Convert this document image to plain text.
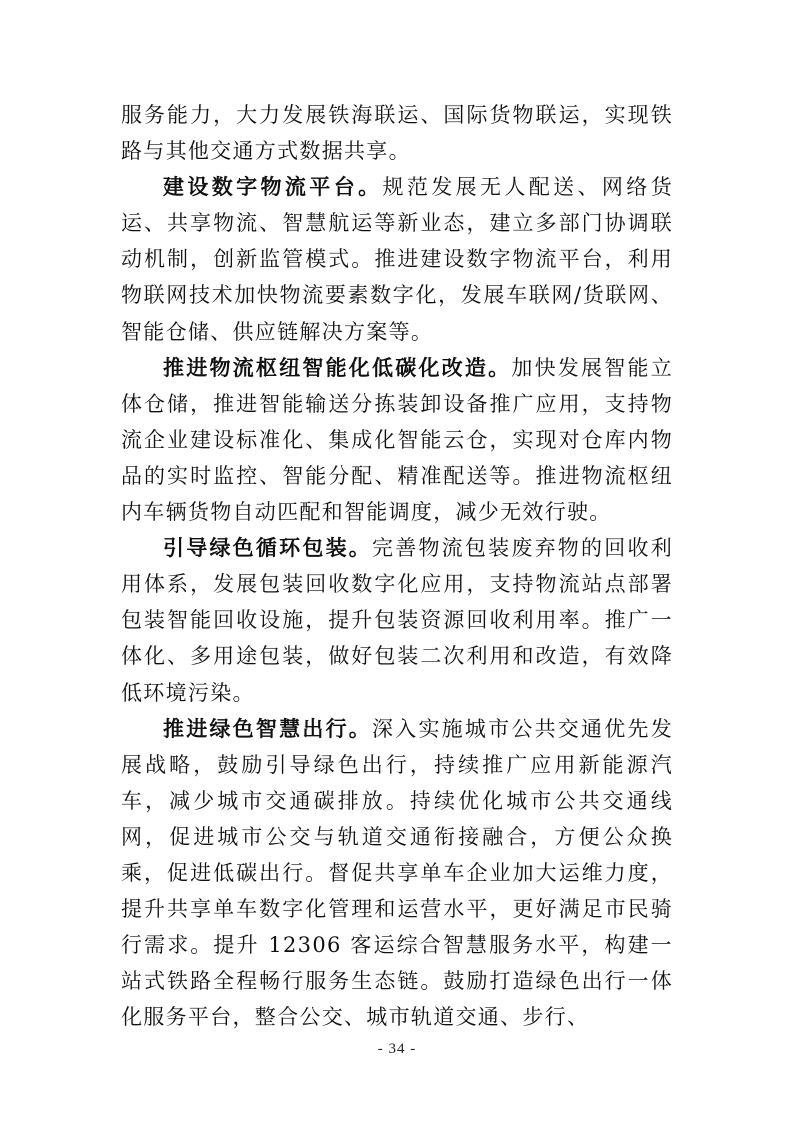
服务能力，大力发展铁海联运、国际货物联运，实现铁路与其他交通方式数据共享。

建设数字物流平台。规范发展无人配送、网络货运、共享物流、智慧航运等新业态，建立多部门协调联动机制，创新监管模式。推进建设数字物流平台，利用物联网技术加快物流要素数字化，发展车联网/货联网、智能仓储、供应链解决方案等。

推进物流枢纽智能化低碳化改造。加快发展智能立体仓储，推进智能输送分拣装卸设备推广应用，支持物流企业建设标准化、集成化智能云仓，实现对仓库内物品的实时监控、智能分配、精准配送等。推进物流枢纽内车辆货物自动匹配和智能调度，减少无效行驶。

引导绿色循环包装。完善物流包装废弃物的回收利用体系，发展包装回收数字化应用，支持物流站点部署包装智能回收设施，提升包装资源回收利用率。推广一体化、多用途包装，做好包装二次利用和改造，有效降低环境污染。

推进绿色智慧出行。深入实施城市公共交通优先发展战略，鼓励引导绿色出行，持续推广应用新能源汽车，减少城市交通碳排放。持续优化城市公共交通线网，促进城市公交与轨道交通衔接融合，方便公众换乘，促进低碳出行。督促共享单车企业加大运维力度，提升共享单车数字化管理和运营水平，更好满足市民骑行需求。提升 12306 客运综合智慧服务水平，构建一站式铁路全程畅行服务生态链。鼓励打造绿色出行一体化服务平台，整合公交、城市轨道交通、步行、

- 34 -
